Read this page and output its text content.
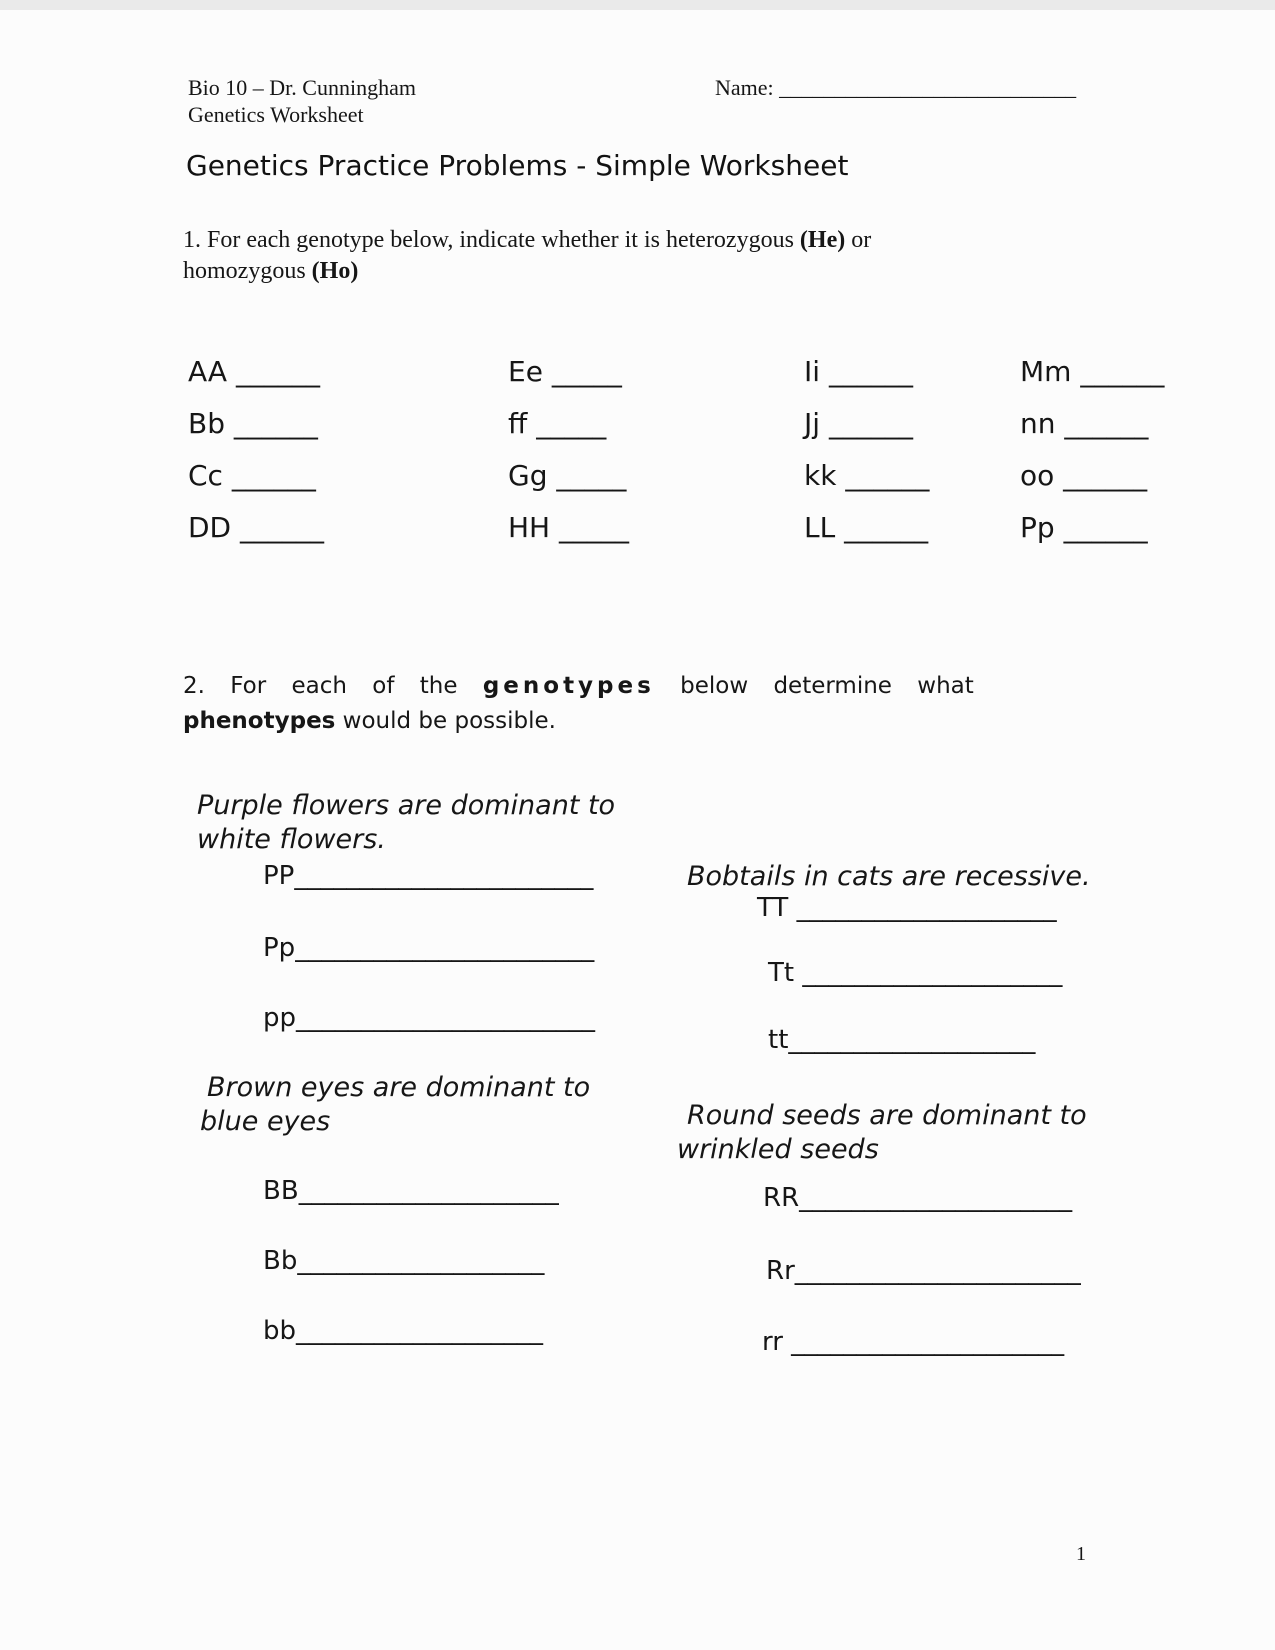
Bio 10 – Dr. Cunningham
Genetics Worksheet
Name: ___________________________
Genetics Practice Problems - Simple Worksheet
1. For each genotype below, indicate whether it is heterozygous (He) or
homozygous (Ho)
AA ______
Bb ______
Cc ______
DD ______
Ee _____
ff _____
Gg _____
HH _____
Ii ______
Jj ______
kk ______
LL ______
Mm ______
nn ______
oo ______
Pp ______
2. For each of the genotypes below determine what
phenotypes would be possible.
Purple flowers are dominant to
white flowers.
PP_______________________
Pp_______________________
pp_______________________
Bobtails in cats are recessive.
TT ____________________
Tt ____________________
tt___________________
Brown eyes are dominant to
blue eyes
BB____________________
Bb___________________
bb___________________
Round seeds are dominant to
wrinkled seeds
RR_____________________
Rr______________________
rr _____________________
1
